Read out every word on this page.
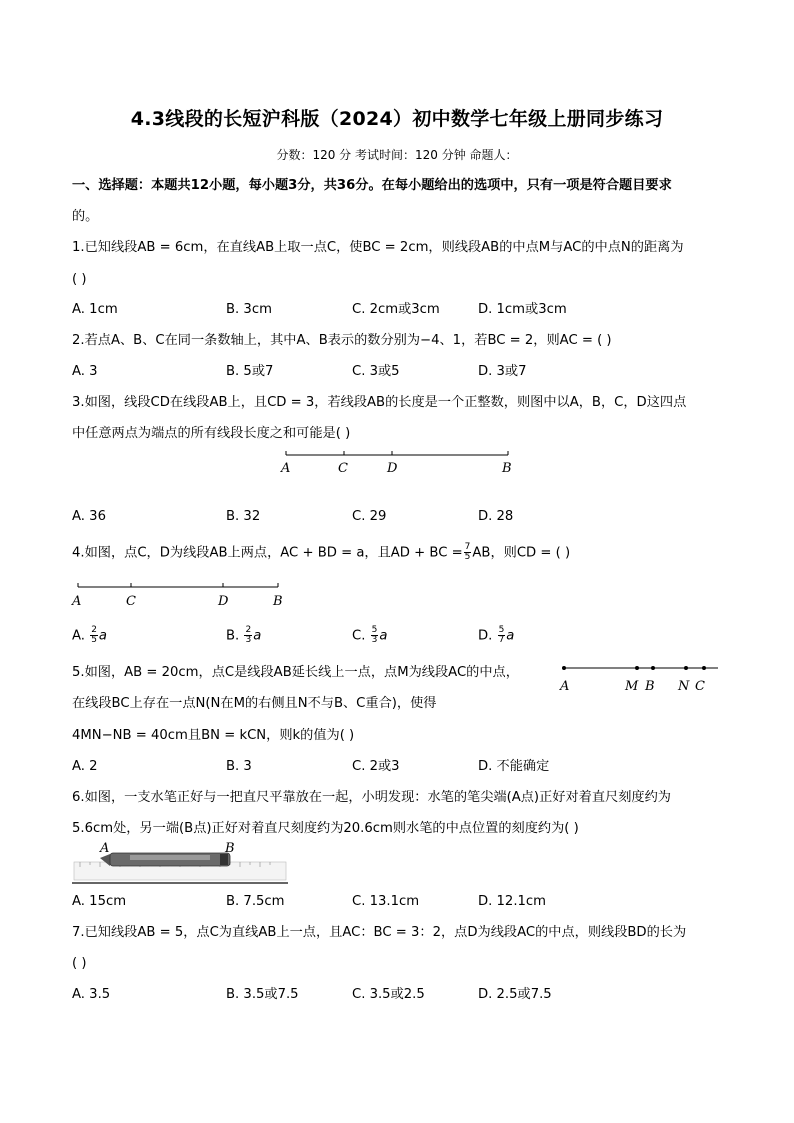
4.3线段的长短沪科版（2024）初中数学七年级上册同步练习
分数：120 分 考试时间：120 分钟 命题人：
一、选择题：本题共12小题，每小题3分，共36分。在每小题给出的选项中，只有一项是符合题目要求
的。
1.已知线段AB = 6cm，在直线AB上取一点C，使BC = 2cm，则线段AB的中点M与AC的中点N的距离为
( )
A. 1cm	B. 3cm	C. 2cm或3cm	D. 1cm或3cm
2.若点A、B、C在同一条数轴上，其中A、B表示的数分别为−4、1，若BC = 2，则AC = ( )
A. 3	B. 5或7	C. 3或5	D. 3或7
3.如图，线段CD在线段AB上，且CD = 3，若线段AB的长度是一个正整数，则图中以A，B，C，D这四点
中任意两点为端点的所有线段长度之和可能是( )
A	C	D	B
A. 36	B. 32	C. 29	D. 28
4.如图，点C，D为线段AB上两点，AC + BD = a，且AD + BC = $\frac{7}{5}$ AB，则CD = ( )
A	C	D	B
A. $\frac{2}{5}$ a	B. $\frac{2}{3}$ a	C. $\frac{5}{3}$ a	D. $\frac{5}{7}$ a
5.如图，AB = 20cm，点C是线段AB延长线上一点，点M为线段AC的中点，
在线段BC上存在一点N(N在M的右侧且N不与B、C重合)，使得
4MN−NB = 40cm且BN = kCN，则k的值为( )
A	M B N C
A. 2	B. 3	C. 2或3	D. 不能确定
6.如图，一支水笔正好与一把直尺平靠放在一起，小明发现：水笔的笔尖端(A点)正好对着直尺刻度约为
5.6cm处，另一端(B点)正好对着直尺刻度约为20.6cm则水笔的中点位置的刻度约为( )
A	B
A. 15cm	B. 7.5cm	C. 13.1cm	D. 12.1cm
7.已知线段AB = 5，点C为直线AB上一点，且AC：BC = 3：2，点D为线段AC的中点，则线段BD的长为
( )
A. 3.5	B. 3.5或7.5	C. 3.5或2.5	D. 2.5或7.5
